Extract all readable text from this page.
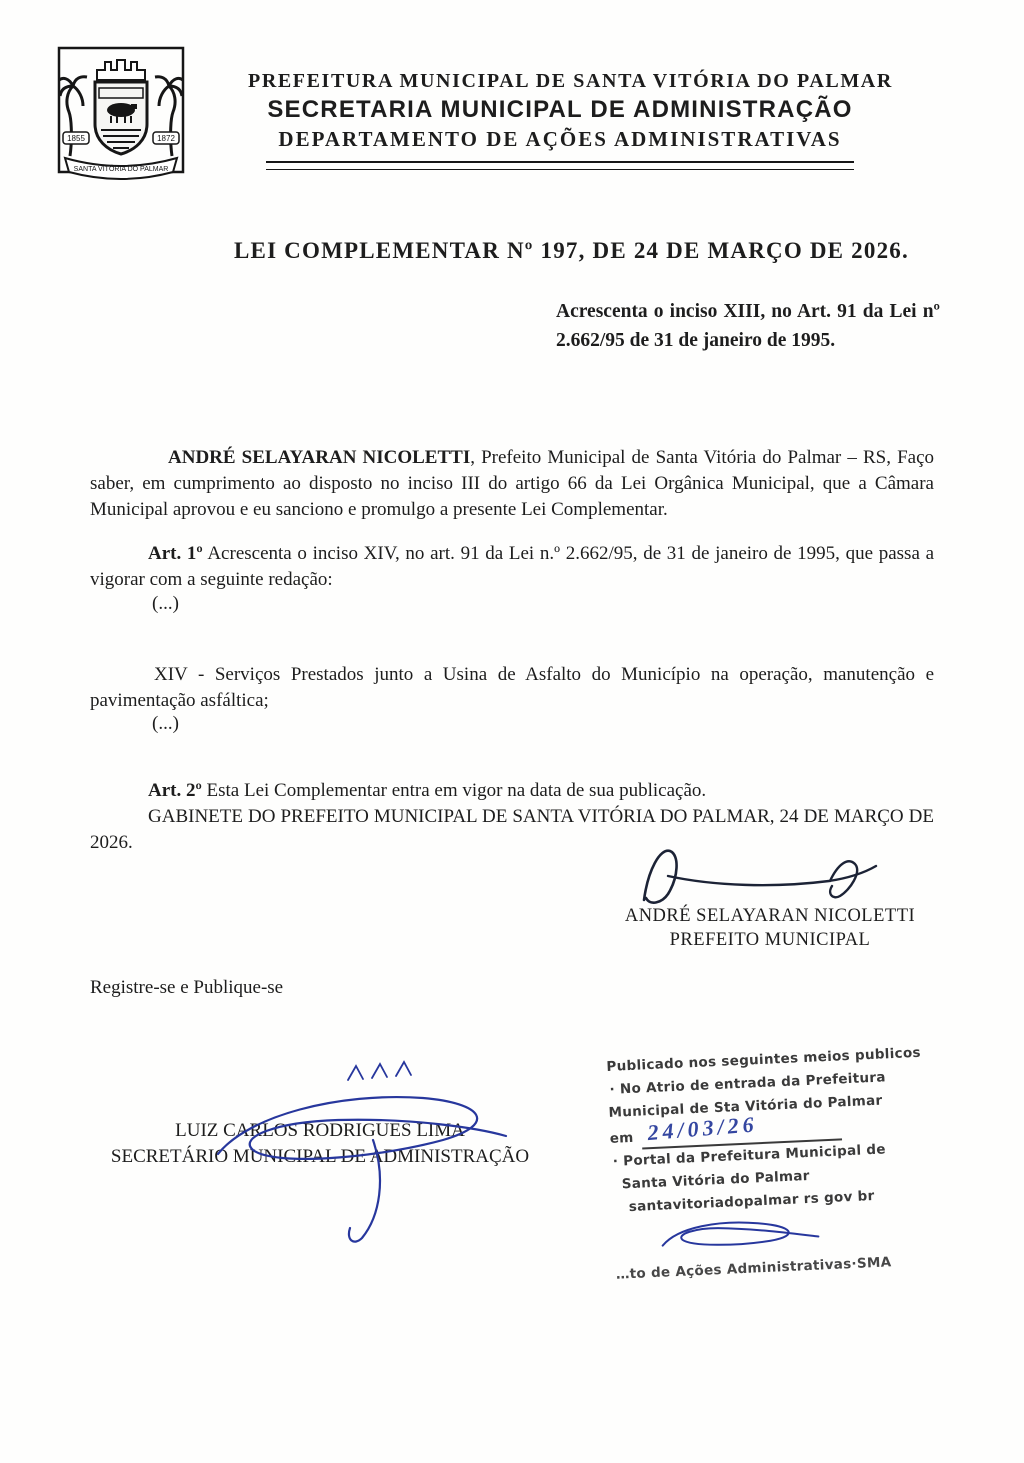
1855	1872
SANTA VITÓRIA DO PALMAR
PREFEITURA MUNICIPAL DE SANTA VITÓRIA DO PALMAR
SECRETARIA MUNICIPAL DE ADMINISTRAÇÃO
DEPARTAMENTO DE AÇÕES ADMINISTRATIVAS
LEI COMPLEMENTAR Nº 197, DE 24 DE MARÇO DE 2026.
Acrescenta o inciso XIII, no Art. 91 da Lei nº 2.662/95 de 31 de janeiro de 1995.

ANDRÉ SELAYARAN NICOLETTI, Prefeito Municipal de Santa Vitória do Palmar – RS, Faço saber, em cumprimento ao disposto no inciso III do artigo 66 da Lei Orgânica Municipal, que a Câmara Municipal aprovou e eu sanciono e promulgo a presente Lei Complementar.

Art. 1º Acrescenta o inciso XIV, no art. 91 da Lei n.º 2.662/95, de 31 de janeiro de 1995, que passa a vigorar com a seguinte redação:

(...)

XIV - Serviços Prestados junto a Usina de Asfalto do Município na operação, manutenção e pavimentação asfáltica;

(...)

Art. 2º Esta Lei Complementar entra em vigor na data de sua publicação.

GABINETE DO PREFEITO MUNICIPAL DE SANTA VITÓRIA DO PALMAR, 24 DE MARÇO DE 2026.

ANDRÉ SELAYARAN NICOLETTI
PREFEITO MUNICIPAL
Registre-se e Publique-se
LUIZ CARLOS RODRIGUES LIMA
SECRETÁRIO MUNICIPAL DE ADMINISTRAÇÃO
Publicado nos seguintes meios publicos
· No Atrio de entrada da Prefeitura
Municipal de Sta Vitória do Palmar
em 24/03/26
· Portal da Prefeitura Municipal de
Santa Vitória do Palmar
santavitoriadopalmar rs gov br
…to de Ações Administrativas·SMA
